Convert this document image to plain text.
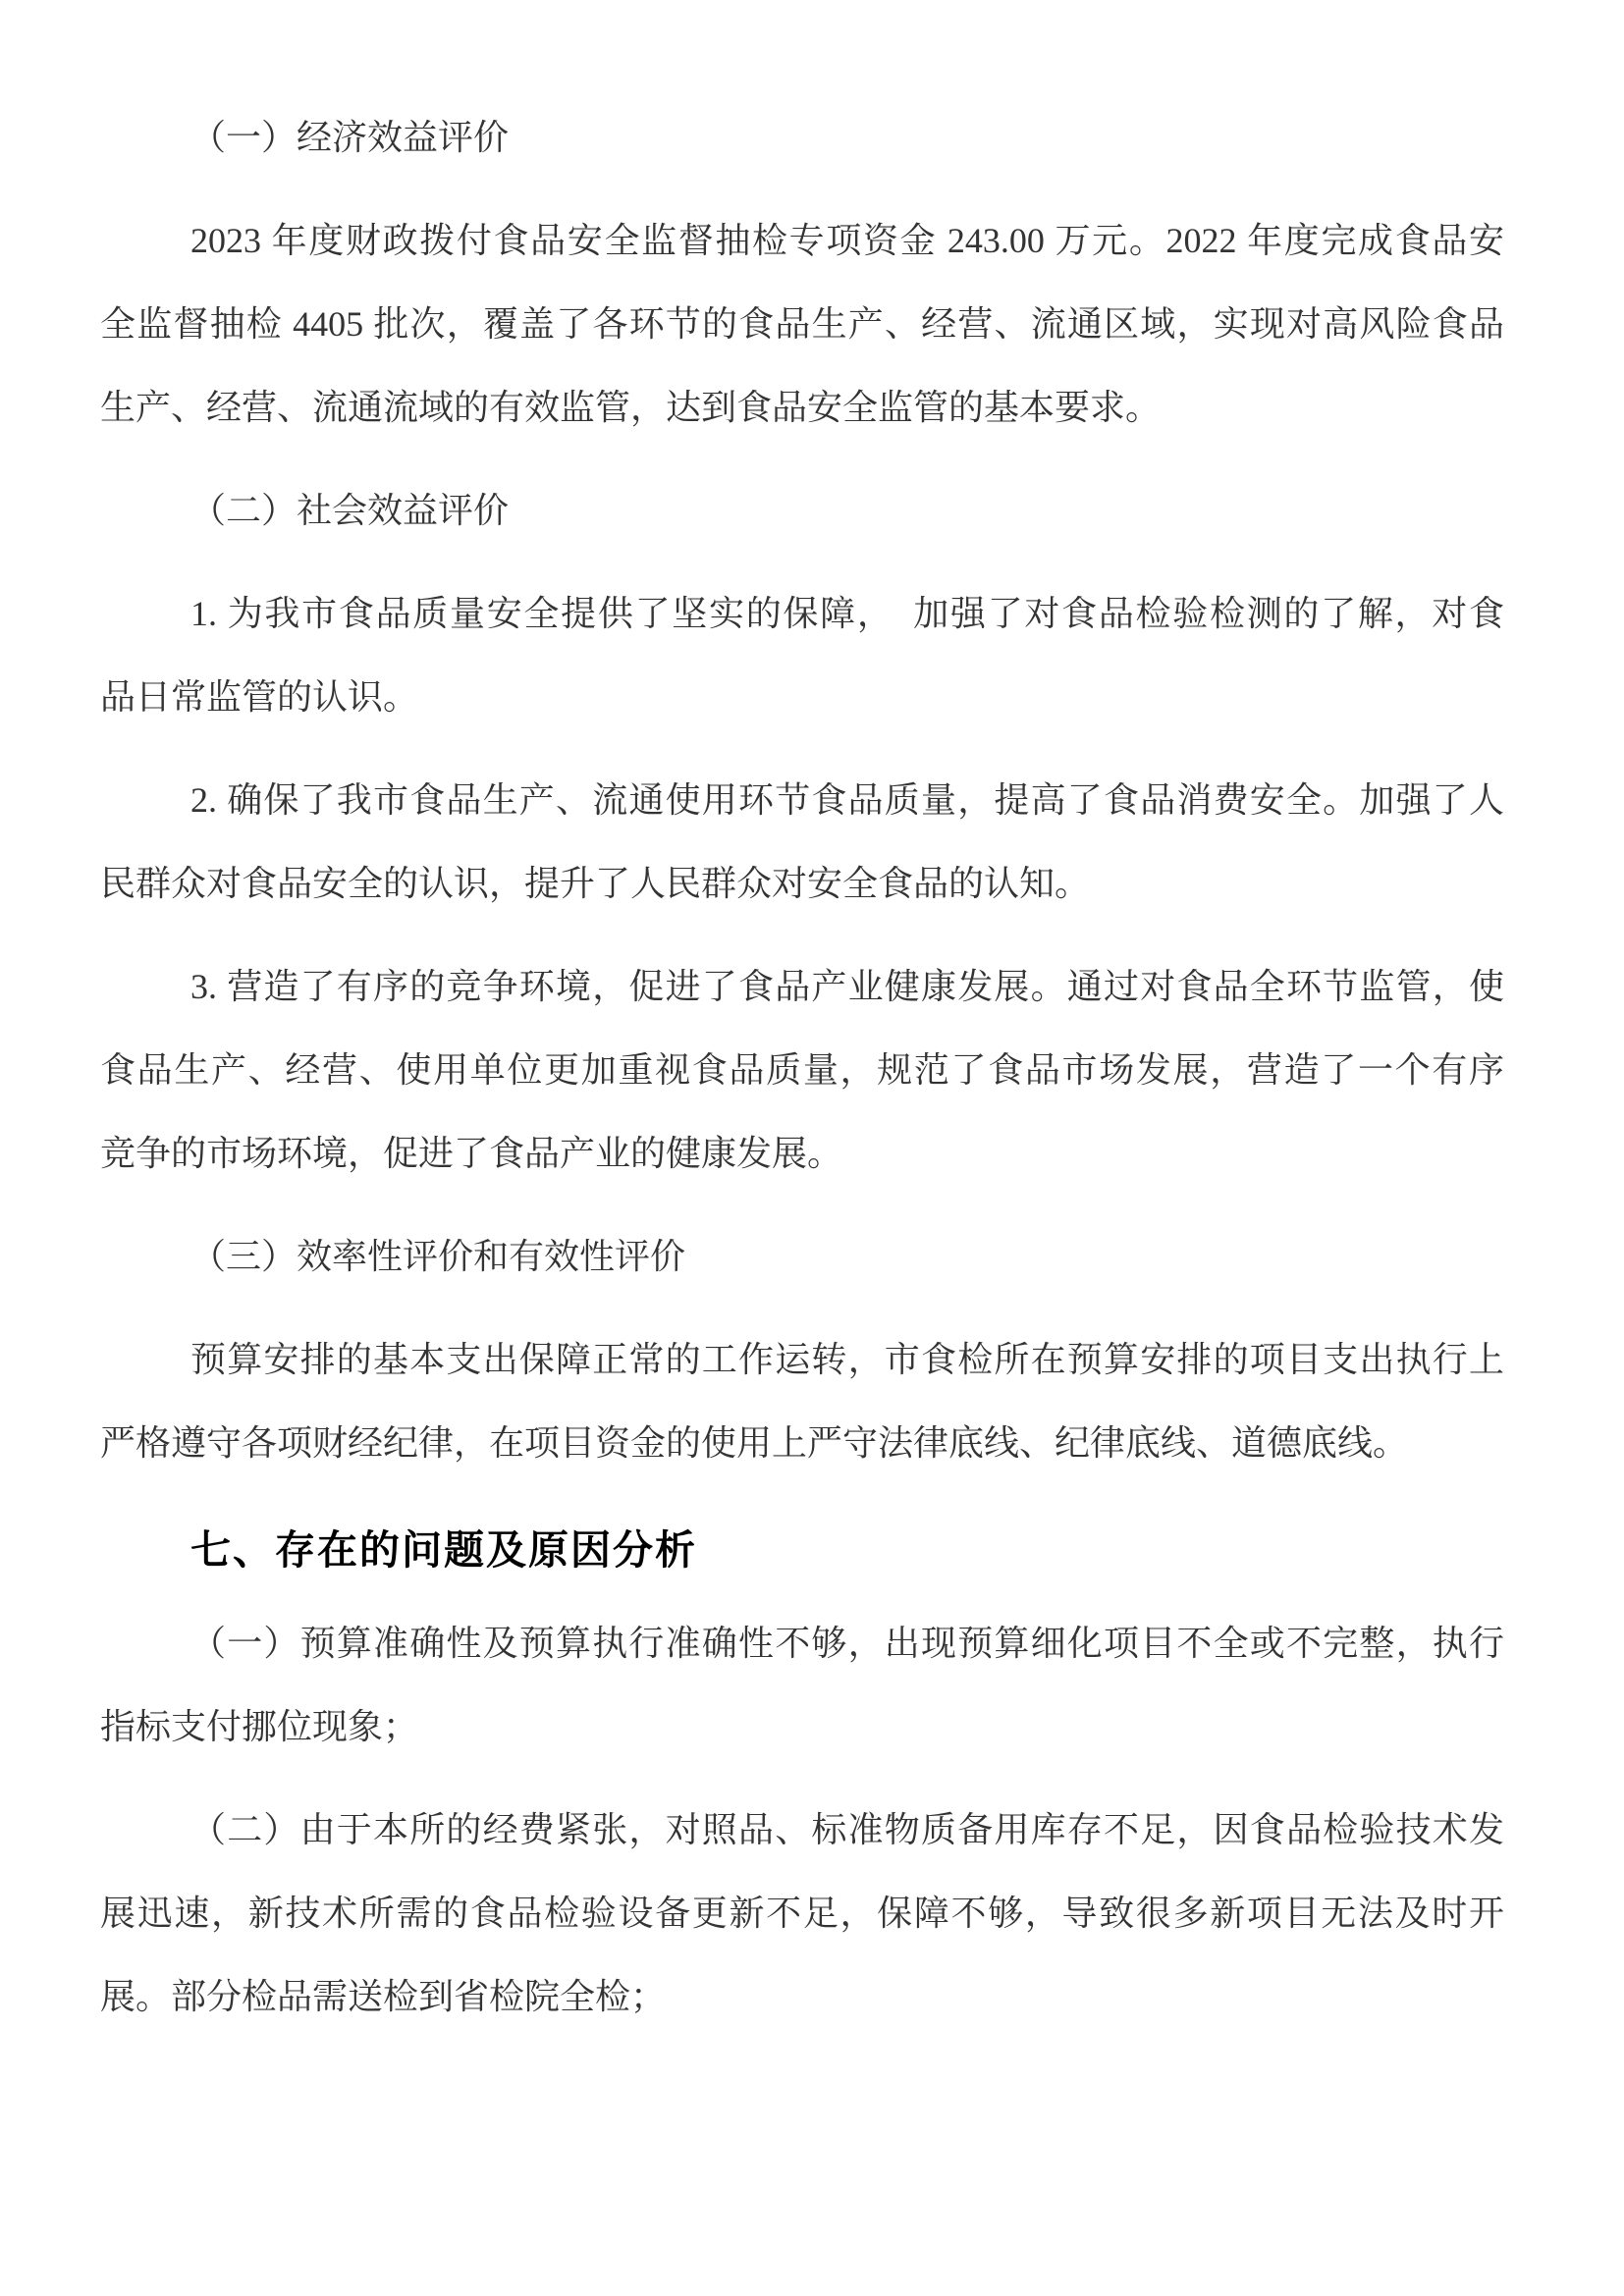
（一）经济效益评价
2023 年度财政拨付食品安全监督抽检专项资金 243.00 万元。2022 年度完成食品安
全监督抽检 4405 批次，覆盖了各环节的食品生产、经营、流通区域，实现对高风险食品
生产、经营、流通流域的有效监管，达到食品安全监管的基本要求。
（二）社会效益评价
1. 为我市食品质量安全提供了坚实的保障，　加强了对食品检验检测的了解，对食
品日常监管的认识。
2. 确保了我市食品生产、流通使用环节食品质量，提高了食品消费安全。加强了人
民群众对食品安全的认识，提升了人民群众对安全食品的认知。
3. 营造了有序的竞争环境，促进了食品产业健康发展。通过对食品全环节监管，使
食品生产、经营、使用单位更加重视食品质量，规范了食品市场发展，营造了一个有序
竞争的市场环境，促进了食品产业的健康发展。
（三）效率性评价和有效性评价
预算安排的基本支出保障正常的工作运转，市食检所在预算安排的项目支出执行上
严格遵守各项财经纪律，在项目资金的使用上严守法律底线、纪律底线、道德底线。
七、存在的问题及原因分析
（一）预算准确性及预算执行准确性不够，出现预算细化项目不全或不完整，执行
指标支付挪位现象；
（二）由于本所的经费紧张，对照品、标准物质备用库存不足，因食品检验技术发
展迅速，新技术所需的食品检验设备更新不足，保障不够，导致很多新项目无法及时开
展。部分检品需送检到省检院全检；
